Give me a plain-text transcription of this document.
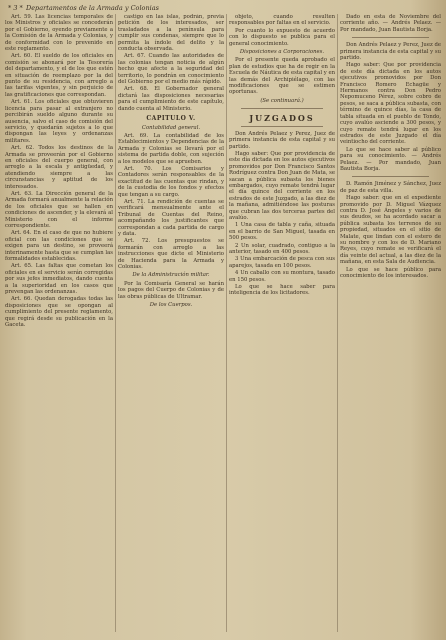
* 3 * Departamentos de la Armada y Colonias

Art. 59. Las licencias temporales de los Ministros y oficiales se concederán por el Gobierno, oyendo previamente a la Comisión de la Armada y Colonias, y de conformidad con lo prevenido en este reglamento.

Art. 60. El sueldo de los oficiales en comisión se abonará por la Tesorería del departamento, y el de los que estén en situación de reemplazo por la del punto de su residencia, con arreglo a las tarifas vigentes, y sin perjuicio de las gratificaciones que correspondan.

Art. 61. Los oficiales que obtuvieren licencia para pasar al extranjero no percibirán sueldo alguno durante su ausencia, salvo el caso de comisión del servicio, y quedarán sujetos a lo que dispongan las leyes y ordenanzas militares.

Art. 62. Todos los destinos de la Armada se proveerán por el Gobierno en oficiales del cuerpo general, con arreglo a la escala y antigüedad, y atendiendo siempre a las circunstancias y aptitud de los interesados.

Art. 63. La Dirección general de la Armada formará anualmente la relación de los oficiales que se hallen en condiciones de ascender, y la elevará al Ministerio con el informe correspondiente.

Art. 64. En el caso de que no hubiere oficial con las condiciones que se exigen para un destino, se proveerá interinamente hasta que se cumplan las formalidades establecidas.

Art. 65. Las faltas que cometan los oficiales en el servicio serán corregidas por sus jefes inmediatos, dando cuenta a la superioridad en los casos que prevengan las ordenanzas.

Art. 66. Quedan derogadas todas las disposiciones que se opongan al cumplimiento del presente reglamento, que regirá desde su publicación en la Gaceta.

castigo en las islas, podrán, previa petición de los interesados, ser trasladados a la península para cumplir sus condenas, siempre que lo permita la índole del delito y la conducta observada.

Art. 67. Cuando las autoridades de las colonias tengan noticia de algún hecho que afecte a la seguridad del territorio, lo pondrán en conocimiento del Gobierno por el medio más rápido.

Art. 68. El Gobernador general dictará las disposiciones necesarias para el cumplimiento de este capítulo, dando cuenta al Ministerio.

CAPITULO V.
Contabilidad general.

Art. 69. La contabilidad de los Establecimientos y Dependencias de la Armada y Colonias se llevará por el sistema de partida doble, con sujeción a los modelos que se aprueben.

Art. 70. Los Comisarios y Contadores serán responsables de la exactitud de las cuentas que rindan, y de la custodia de los fondos y efectos que tengan a su cargo.

Art. 71. La rendición de cuentas se verificará mensualmente ante el Tribunal de Cuentas del Reino, acompañando los justificantes que correspondan a cada partida de cargo y data.

Art. 72. Los presupuestos se formarán con arreglo a las instrucciones que dicte el Ministerio de Hacienda para la Armada y Colonias.

De la Administración militar.

Por la Comisaría General se harán los pagos del Cuerpo de Colonias y de las obras públicas de Ultramar.

De los Cuerpos.

objeto, cuando resulten responsables por faltas en el servicio.

Por cuanto lo expuesto de acuerdo con lo dispuesto se publica para el general conocimiento.

Disposiciones a Corporaciones.

Por el presente queda aprobado el plan de estudios que ha de regir en la Escuela de Náutica de esta capital y en las demás del Archipiélago, con las modificaciones que se estimen oportunas.

(Se continuará.)
JUZGADOS

Don Andrés Pelaez y Perez, Juez de primera instancia de esta capital y su partido.

Hago saber: Que por providencia de este día dictada en los autos ejecutivos promovidos por Don Francisco Santos Rodríguez contra Don Juan de Mata, se sacan a pública subasta los bienes embargados, cuyo remate tendrá lugar el día quince del corriente en los estrados de este Juzgado, a las diez de la mañana, admitiéndose las posturas que cubran las dos terceras partes del avalúo.

1 Una casa de tabla y caña, situada en el barrio de San Miguel, tasada en 500 pesos.

2 Un solar, cuadrado, contiguo a la anterior, tasado en 400 pesos.

3 Una embarcación de pesca con sus aparejos, tasada en 100 pesos.

4 Un caballo con su montura, tasado en 150 pesos.

Lo que se hace saber para inteligencia de los licitadores.

Dado en esta de Noviembre del corriente año. — Andrés Pelaez. — Por mandado, Juan Bautista Borja.

Don Andrés Pelaez y Perez, Juez de primera instancia de esta capital y su partido.

Hago saber: Que por providencia de este día dictada en los autos ejecutivos promovidos por Don Francisco Romero Echagüe y Hermanos contra Don Pedro Nepomuceno Pérez, sobre cobro de pesos, se saca a pública subasta, con término de quince días, la casa de tabla situada en el pueblo de Tondo, cuyo avalúo asciende a 300 pesos, y cuyo remate tendrá lugar en los estrados de este Juzgado el día veintiocho del corriente.

Lo que se hace saber al público para su conocimiento. — Andrés Pelaez. — Por mandado, Juan Bautista Borja.

D. Ramón Jiménez y Sánchez, Juez de paz de esta villa.

Hago saber: que en el expediente promovido por D. Miguel Vázquez contra D. José Ángeles y varios de sus deudos, se ha acordado sacar a pública subasta los terrenos de su propiedad, situados en el sitio de Malate, que lindan con el estero de su nombre y con los de D. Mariano Reyes, cuyo remate se verificará el día veinte del actual, a las diez de la mañana, en esta Sala de Audiencia.

Lo que se hace público para conocimiento de los interesados.
